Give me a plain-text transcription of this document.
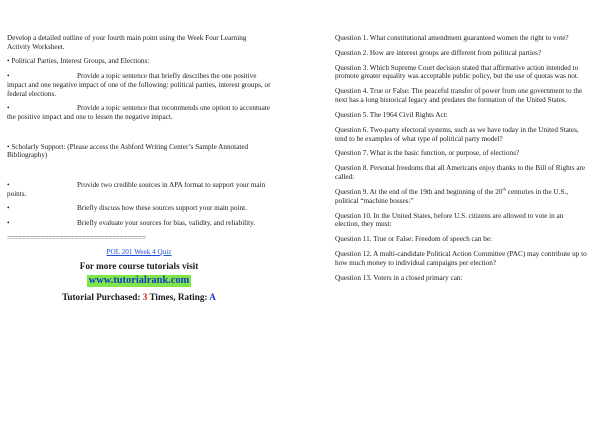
Develop a detailed outline of your fourth main point using the Week Four Learning Activity Worksheet.

• Political Parties, Interest Groups, and Elections:

•	Provide a topic sentence that briefly describes the one positive impact and one negative impact of one of the following: political parties, interest groups, or federal elections.

•	Provide a topic sentence that recommends one option to accentuate the positive impact and one to lessen the negative impact.

• Scholarly Support: (Please access the Ashford Writing Center’s Sample Annotated Bibliography)

•	Provide two credible sources in APA format to support your main points.

•	Briefly discuss how these sources support your main point.

•	Briefly evaluate your sources for bias, validity, and reliability.

=====================================
POL 201 Week 4 Quiz
For more course tutorials visit
www.tutorialrank.com
Tutorial Purchased: 3 Times, Rating: A

Question 1. What constitutional amendment guaranteed women the right to vote?

Question 2. How are interest groups are different from political parties?

Question 3. Which Supreme Court decision stated that affirmative action intended to promote greater equality was acceptable public policy, but the use of quotas was not.

Question 4. True or False: The peaceful transfer of power from one government to the next has a long historical legacy and predates the formation of the United States.

Question 5. The 1964 Civil Rights Act:

Question 6. Two-party electoral systems, such as we have today in the United States, tend to be examples of what type of political party model?

Question 7. What is the basic function, or purpose, of elections?

Question 8. Personal freedoms that all Americans enjoy thanks to the Bill of Rights are called:

Question 9. At the end of the 19th and beginning of the 20th centuries in the U.S., political “machine bosses:”

Question 10. In the United States, before U.S. citizens are allowed to vote in an election, they must:

Question 11. True or False: Freedom of speech can be:

Question 12. A multi-candidate Political Action Committee (PAC) may contribute up to how much money to individual campaigns per election?

Question 13. Voters in a closed primary can:
